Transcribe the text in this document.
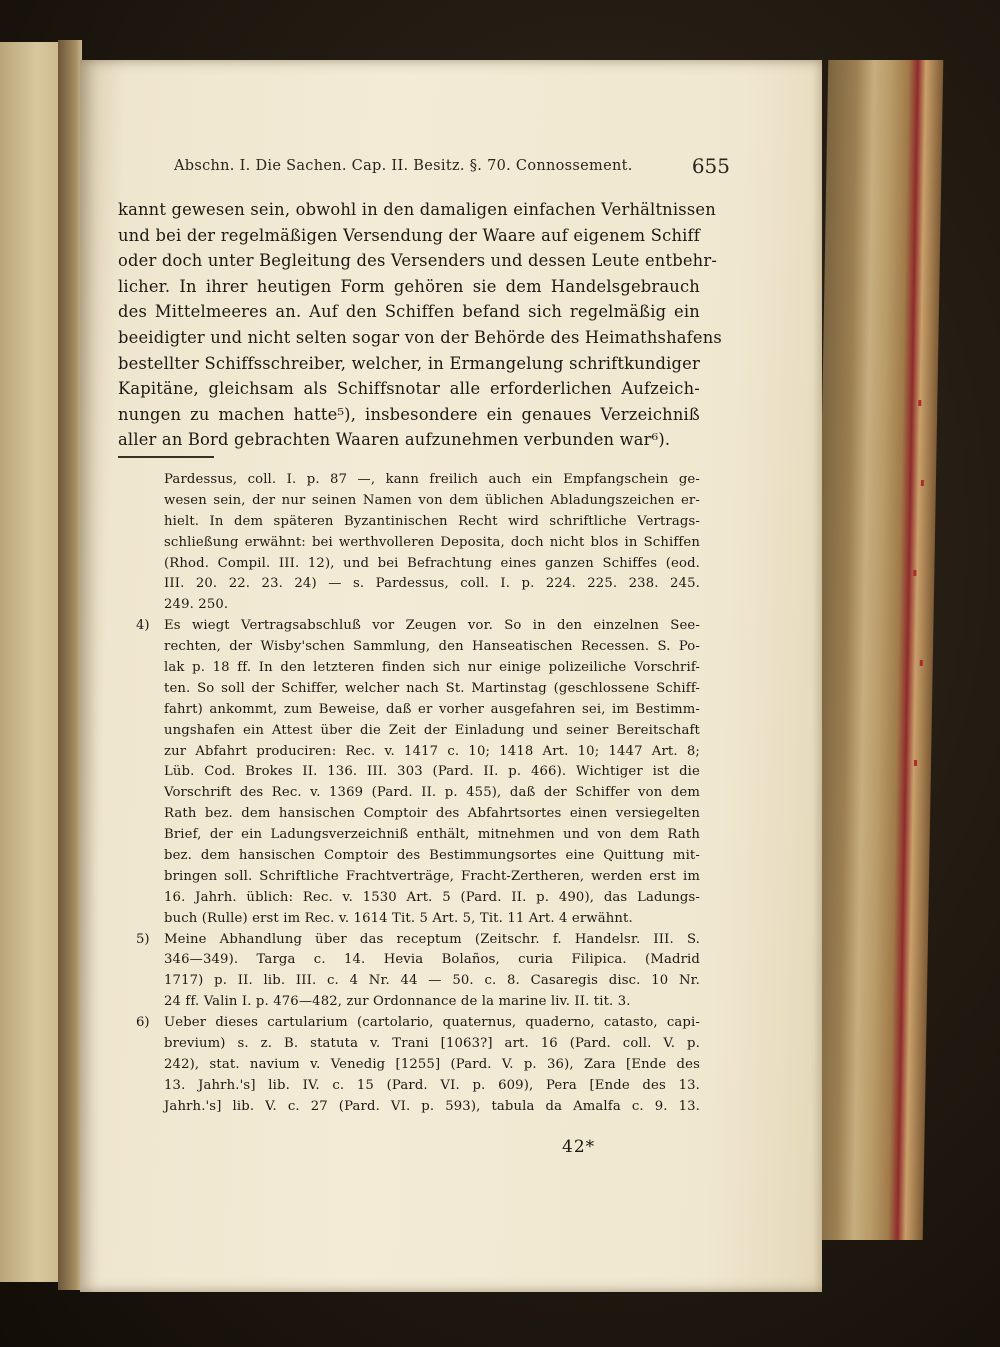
Abschn. I. Die Sachen. Cap. II. Besitz. §. 70. Connossement.	655
kannt gewesen sein, obwohl in den damaligen einfachen Verhältnissen
und bei der regelmäßigen Versendung der Waare auf eigenem Schiff
oder doch unter Begleitung des Versenders und dessen Leute entbehr-
licher. In ihrer heutigen Form gehören sie dem Handelsgebrauch
des Mittelmeeres an. Auf den Schiffen befand sich regelmäßig ein
beeidigter und nicht selten sogar von der Behörde des Heimathshafens
bestellter Schiffsschreiber, welcher, in Ermangelung schriftkundiger
Kapitäne, gleichsam als Schiffsnotar alle erforderlichen Aufzeich-
nungen zu machen hatte⁵), insbesondere ein genaues Verzeichniß
aller an Bord gebrachten Waaren aufzunehmen verbunden war⁶).
Pardessus, coll. I. p. 87 —, kann freilich auch ein Empfangschein ge-
wesen sein, der nur seinen Namen von dem üblichen Abladungszeichen er-
hielt. In dem späteren Byzantinischen Recht wird schriftliche Vertrags-
schließung erwähnt: bei werthvolleren Deposita, doch nicht blos in Schiffen
(Rhod. Compil. III. 12), und bei Befrachtung eines ganzen Schiffes (eod.
III. 20. 22. 23. 24) — s. Pardessus, coll. I. p. 224. 225. 238. 245.
249. 250.
4)	Es wiegt Vertragsabschluß vor Zeugen vor. So in den einzelnen See-
rechten, der Wisby'schen Sammlung, den Hanseatischen Recessen. S. Po-
lak p. 18 ff. In den letzteren finden sich nur einige polizeiliche Vorschrif-
ten. So soll der Schiffer, welcher nach St. Martinstag (geschlossene Schiff-
fahrt) ankommt, zum Beweise, daß er vorher ausgefahren sei, im Bestimm-
ungshafen ein Attest über die Zeit der Einladung und seiner Bereitschaft
zur Abfahrt produciren: Rec. v. 1417 c. 10; 1418 Art. 10; 1447 Art. 8;
Lüb. Cod. Brokes II. 136. III. 303 (Pard. II. p. 466). Wichtiger ist die
Vorschrift des Rec. v. 1369 (Pard. II. p. 455), daß der Schiffer von dem
Rath bez. dem hansischen Comptoir des Abfahrtsortes einen versiegelten
Brief, der ein Ladungsverzeichniß enthält, mitnehmen und von dem Rath
bez. dem hansischen Comptoir des Bestimmungsortes eine Quittung mit-
bringen soll. Schriftliche Frachtverträge, Fracht-Zertheren, werden erst im
16. Jahrh. üblich: Rec. v. 1530 Art. 5 (Pard. II. p. 490), das Ladungs-
buch (Rulle) erst im Rec. v. 1614 Tit. 5 Art. 5, Tit. 11 Art. 4 erwähnt.
5)	Meine Abhandlung über das receptum (Zeitschr. f. Handelsr. III. S.
346—349). Targa c. 14. Hevia Bolaños, curia Filipica. (Madrid
1717) p. II. lib. III. c. 4 Nr. 44 — 50. c. 8. Casaregis disc. 10 Nr.
24 ff. Valin I. p. 476—482, zur Ordonnance de la marine liv. II. tit. 3.
6)	Ueber dieses cartularium (cartolario, quaternus, quaderno, catasto, capi-
brevium) s. z. B. statuta v. Trani [1063?] art. 16 (Pard. coll. V. p.
242), stat. navium v. Venedig [1255] (Pard. V. p. 36), Zara [Ende des
13. Jahrh.'s] lib. IV. c. 15 (Pard. VI. p. 609), Pera [Ende des 13.
Jahrh.'s] lib. V. c. 27 (Pard. VI. p. 593), tabula da Amalfa c. 9. 13.
42*
